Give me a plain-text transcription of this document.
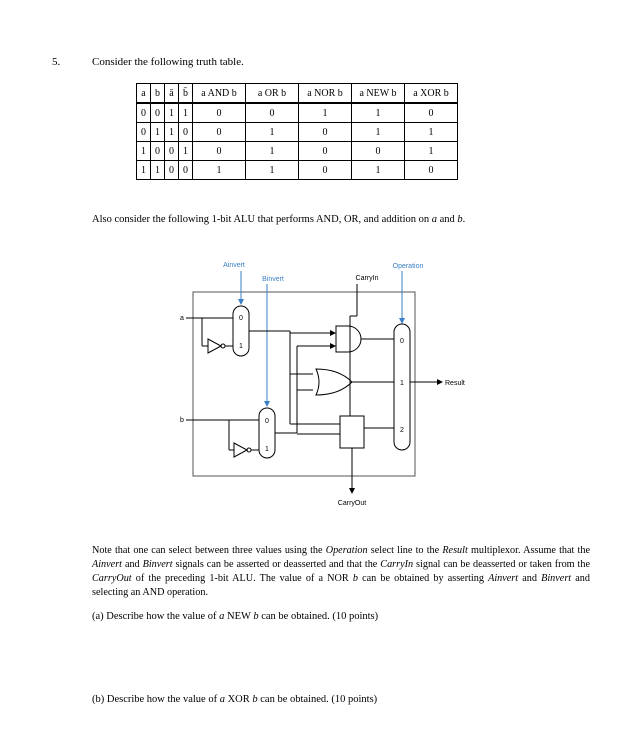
5.	Consider the following truth table.
a	b	ā	b̄	a AND b	a OR b	a NOR b	a NEW b	a XOR b
0	0	1	1	0	0	1	1	0
0	1	1	0	0	1	0	1	1
1	0	0	1	0	1	0	0	1
1	1	0	0	1	1	0	1	0
Also consider the following 1-bit ALU that performs AND, OR, and addition on a and b.
Ainvert
Binvert	CarryIn
Operation
a	0
1
b	0
1
CarryOut
0
1
2
Result
Note that one can select between three values using the Operation select line to the Result multiplexor. Assume that the Ainvert and Binvert signals can be asserted or deasserted and that the CarryIn signal can be deasserted or taken from the CarryOut of the preceding 1-bit ALU. The value of a NOR b can be obtained by asserting Ainvert and Binvert and selecting an AND operation.
(a) Describe how the value of a NEW b can be obtained. (10 points)
(b) Describe how the value of a XOR b can be obtained. (10 points)
